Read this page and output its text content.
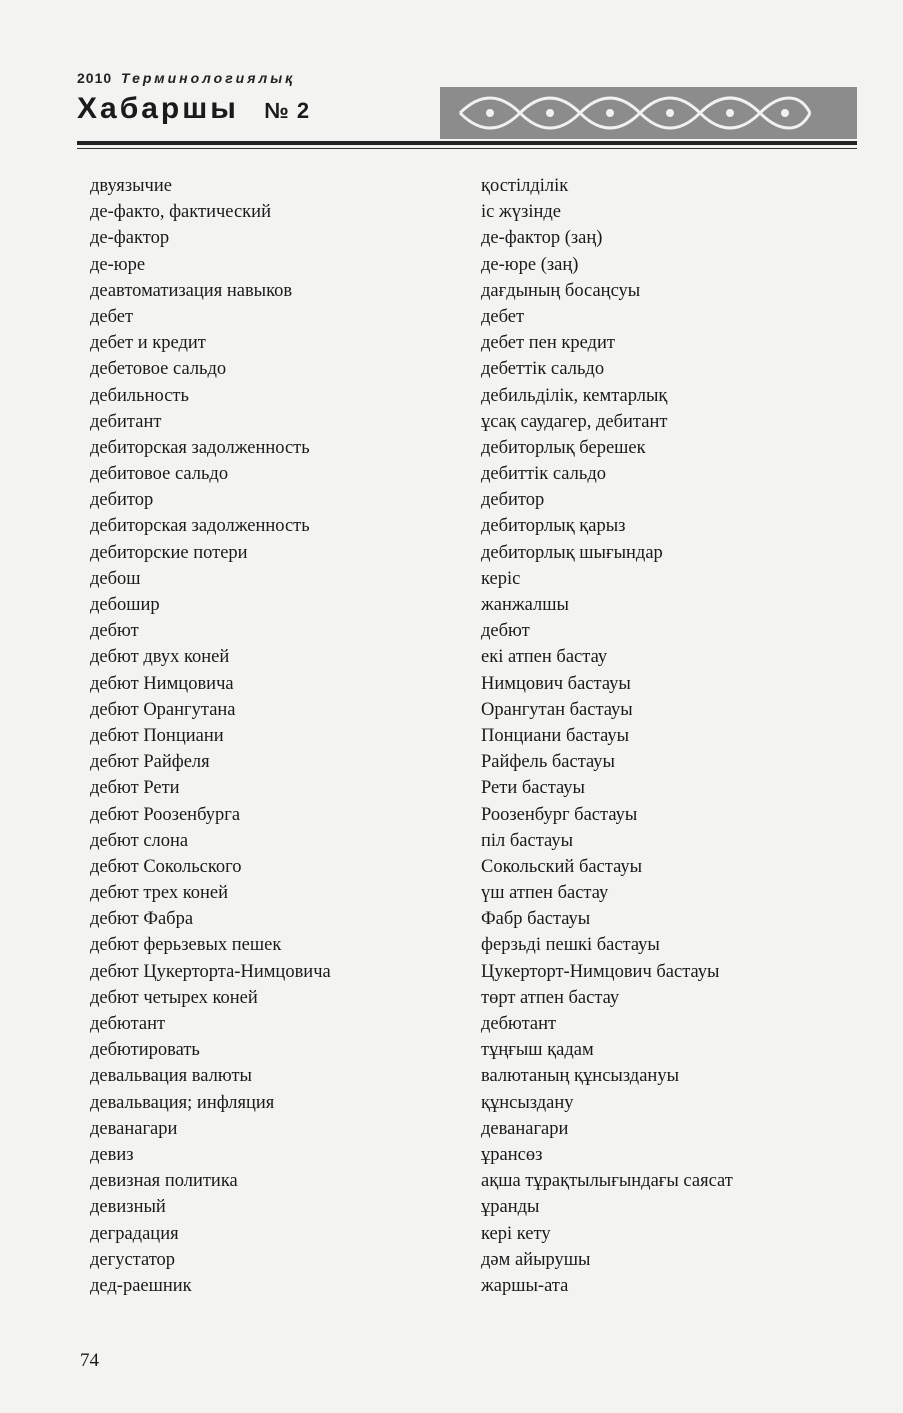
2010 Терминологиялық
Хабаршы № 2
двуязычие
де-факто, фактический
де-фактор
де-юре
деавтоматизация навыков
дебет
дебет и кредит
дебетовое сальдо
дебильность
дебитант
дебиторская задолженность
дебитовое сальдо
дебитор
дебиторская задолженность
дебиторские потери
дебош
дебошир
дебют
дебют двух коней
дебют Нимцовича
дебют Орангутана
дебют Понциани
дебют Райфеля
дебют Рети
дебют Роозенбурга
дебют слона
дебют Сокольского
дебют трех коней
дебют Фабра
дебют ферьзевых пешек
дебют Цукерторта-Нимцовича
дебют четырех коней
дебютант
дебютировать
девальвация валюты
девальвация; инфляция
деванагари
девиз
девизная политика
девизный
деградация
дегустатор
дед-раешник
қостілділік
іс жүзінде
де-фактор (заң)
де-юре (заң)
дағдының босаңсуы
дебет
дебет пен кредит
дебеттік сальдо
дебильділік, кемтарлық
ұсақ саудагер, дебитант
дебиторлық берешек
дебиттік сальдо
дебитор
дебиторлық қарыз
дебиторлық шығындар
керіс
жанжалшы
дебют
екі атпен бастау
Нимцович бастауы
Орангутан бастауы
Понциани бастауы
Райфель бастауы
Рети бастауы
Роозенбург бастауы
піл бастауы
Сокольский бастауы
үш атпен бастау
Фабр бастауы
ферзьді пешкі бастауы
Цукерторт-Нимцович бастауы
төрт атпен бастау
дебютант
тұңғыш қадам
валютаның құнсыздануы
құнсыздану
деванагари
ұрансөз
ақша тұрақтылығындағы саясат
ұранды
кері кету
дәм айырушы
жаршы-ата
74
